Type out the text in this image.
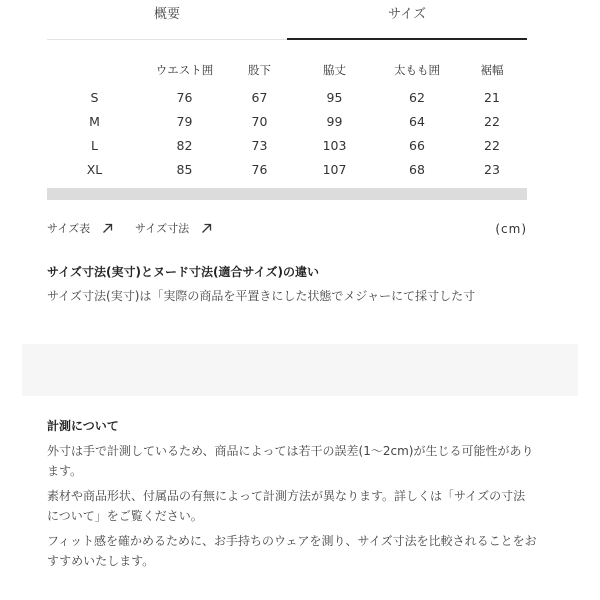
概要	サイズ
	ウエスト囲	股下	脇丈	太もも囲	裾幅
S	76	67	95	62	21
M	79	70	99	64	22
L	82	73	103	66	22
XL	85	76	107	68	23
サイズ表	サイズ寸法	(cm)
サイズ寸法(実寸)とヌード寸法(適合サイズ)の違い
サイズ寸法(実寸)は「実際の商品を平置きにした状態でメジャーにて採寸した寸
計測について
外寸は手で計測しているため、商品によっては若干の誤差(1〜2cm)が生じる可能性があります。
素材や商品形状、付属品の有無によって計測方法が異なります。詳しくは「サイズの寸法について」をご覧ください。
フィット感を確かめるために、お手持ちのウェアを測り、サイズ寸法を比較されることをおすすめいたします。
